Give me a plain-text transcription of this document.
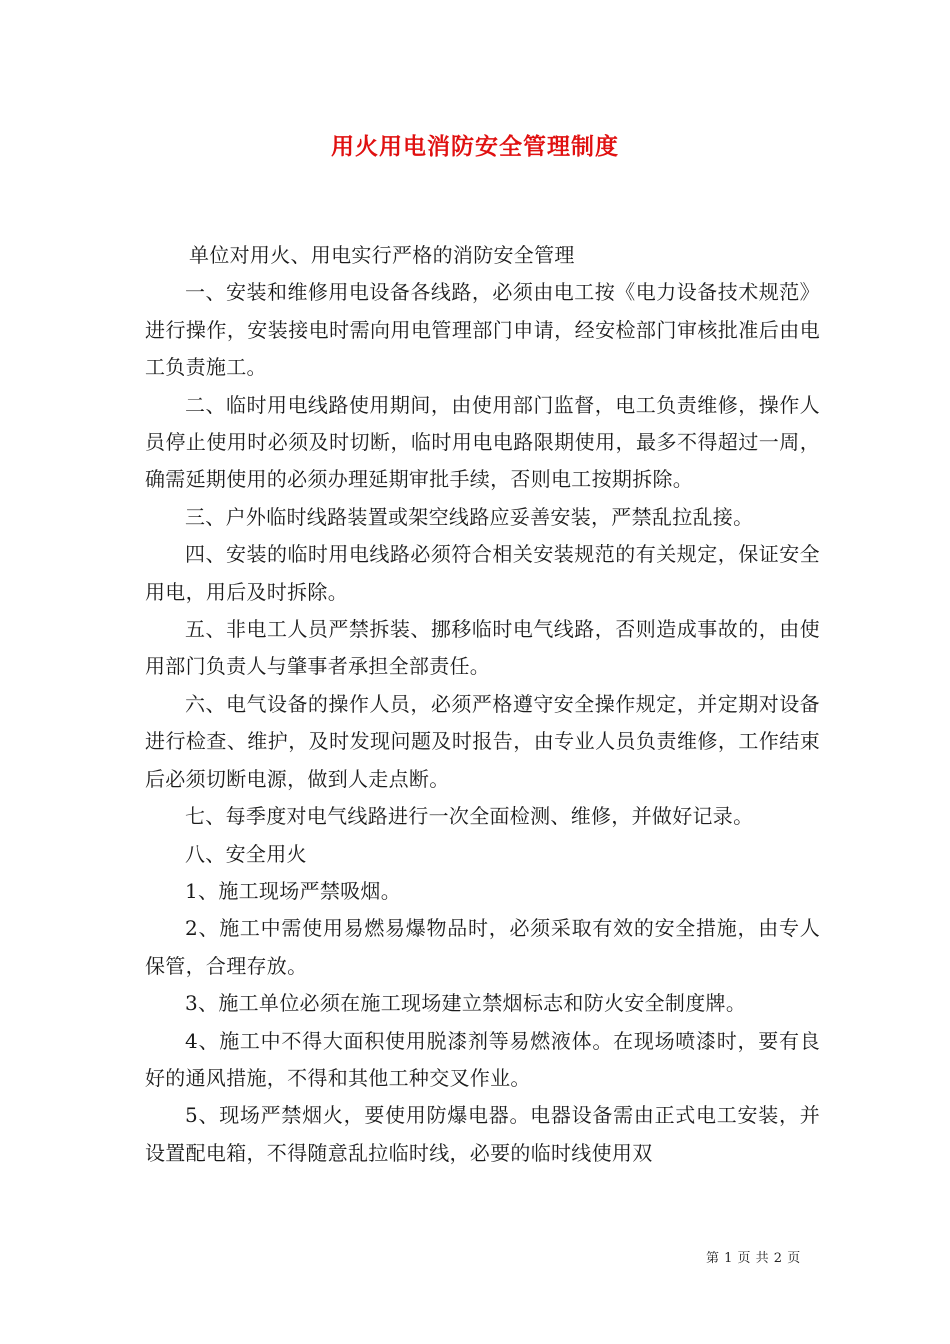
用火用电消防安全管理制度

单位对用火、用电实行严格的消防安全管理

一、安装和维修用电设备各线路，必须由电工按《电力设备技术规范》进行操作，安装接电时需向用电管理部门申请，经安检部门审核批准后由电工负责施工。

二、临时用电线路使用期间，由使用部门监督，电工负责维修，操作人员停止使用时必须及时切断，临时用电电路限期使用，最多不得超过一周，确需延期使用的必须办理延期审批手续，否则电工按期拆除。

三、户外临时线路装置或架空线路应妥善安装，严禁乱拉乱接。

四、安装的临时用电线路必须符合相关安装规范的有关规定，保证安全用电，用后及时拆除。

五、非电工人员严禁拆装、挪移临时电气线路，否则造成事故的，由使用部门负责人与肇事者承担全部责任。

六、电气设备的操作人员，必须严格遵守安全操作规定，并定期对设备进行检查、维护，及时发现问题及时报告，由专业人员负责维修，工作结束后必须切断电源，做到人走点断。

七、每季度对电气线路进行一次全面检测、维修，并做好记录。

八、安全用火

1、施工现场严禁吸烟。

2、施工中需使用易燃易爆物品时，必须采取有效的安全措施，由专人保管，合理存放。

3、施工单位必须在施工现场建立禁烟标志和防火安全制度牌。

4、施工中不得大面积使用脱漆剂等易燃液体。在现场喷漆时，要有良好的通风措施，不得和其他工种交叉作业。

5、现场严禁烟火，要使用防爆电器。电器设备需由正式电工安装，并设置配电箱，不得随意乱拉临时线，必要的临时线使用双

第 1 页 共 2 页
